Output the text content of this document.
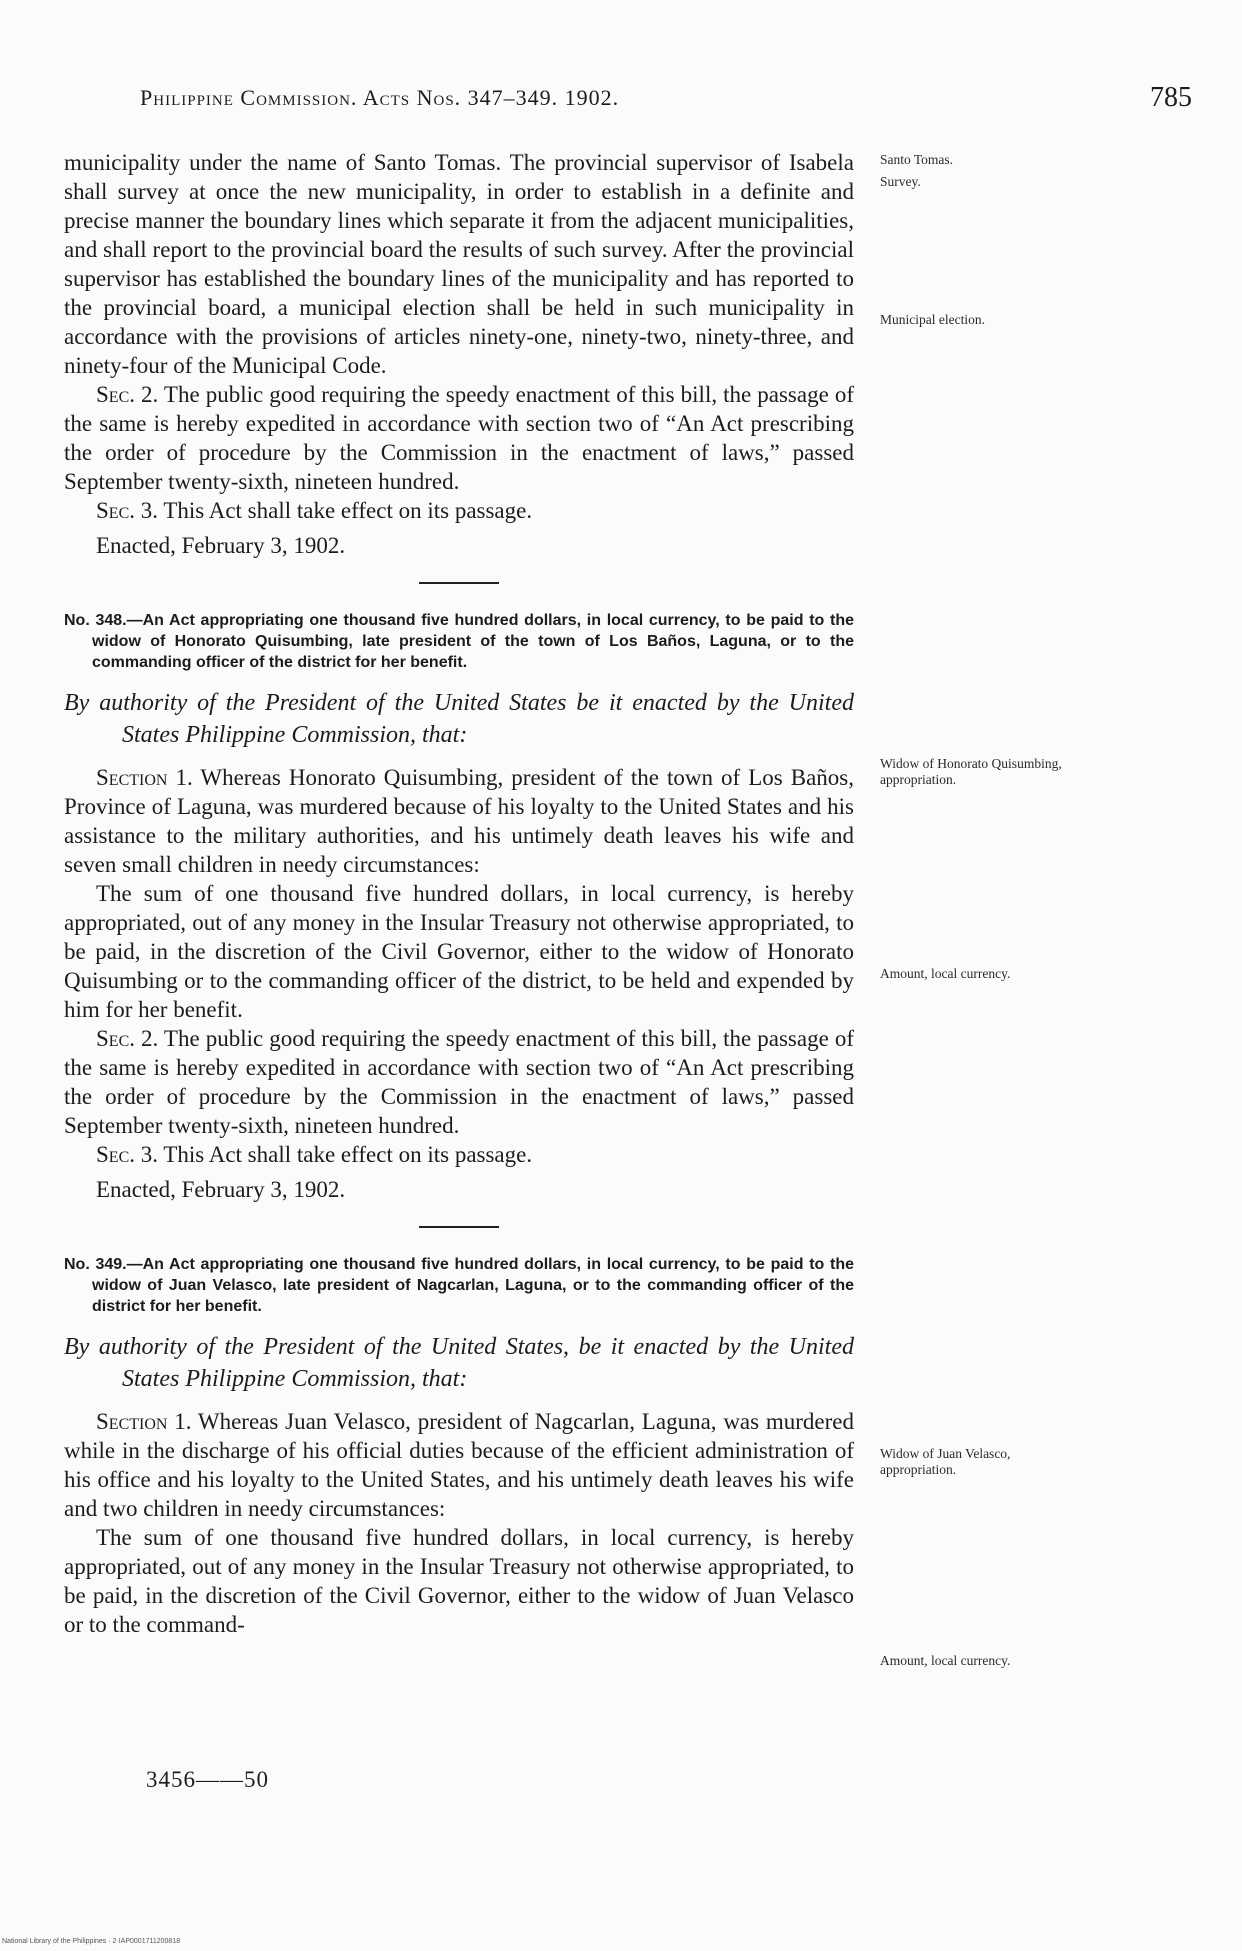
Philippine Commission. Acts Nos. 347–349. 1902.	785

municipality under the name of Santo Tomas. The provincial supervisor of Isabela shall survey at once the new municipality, in order to establish in a definite and precise manner the boundary lines which separate it from the adjacent municipalities, and shall report to the provincial board the results of such survey. After the provincial supervisor has established the boundary lines of the municipality and has reported to the provincial board, a municipal election shall be held in such municipality in accordance with the provisions of articles ninety-one, ninety-two, ninety-three, and ninety-four of the Municipal Code.

Sec. 2. The public good requiring the speedy enactment of this bill, the passage of the same is hereby expedited in accordance with section two of “An Act prescribing the order of procedure by the Commission in the enactment of laws,” passed September twenty-sixth, nineteen hundred.

Sec. 3. This Act shall take effect on its passage.

Enacted, February 3, 1902.

No. 348.—An Act appropriating one thousand five hundred dollars, in local currency, to be paid to the widow of Honorato Quisumbing, late president of the town of Los Baños, Laguna, or to the commanding officer of the district for her benefit.

By authority of the President of the United States be it enacted by the United States Philippine Commission, that:

Section 1. Whereas Honorato Quisumbing, president of the town of Los Baños, Province of Laguna, was murdered because of his loyalty to the United States and his assistance to the military authorities, and his untimely death leaves his wife and seven small children in needy circumstances:

The sum of one thousand five hundred dollars, in local currency, is hereby appropriated, out of any money in the Insular Treasury not otherwise appropriated, to be paid, in the discretion of the Civil Governor, either to the widow of Honorato Quisumbing or to the commanding officer of the district, to be held and expended by him for her benefit.

Sec. 2. The public good requiring the speedy enactment of this bill, the passage of the same is hereby expedited in accordance with section two of “An Act prescribing the order of procedure by the Commission in the enactment of laws,” passed September twenty-sixth, nineteen hundred.

Sec. 3. This Act shall take effect on its passage.

Enacted, February 3, 1902.

No. 349.—An Act appropriating one thousand five hundred dollars, in local currency, to be paid to the widow of Juan Velasco, late president of Nagcarlan, Laguna, or to the commanding officer of the district for her benefit.

By authority of the President of the United States, be it enacted by the United States Philippine Commission, that:

Section 1. Whereas Juan Velasco, president of Nagcarlan, Laguna, was murdered while in the discharge of his official duties because of the efficient administration of his office and his loyalty to the United States, and his untimely death leaves his wife and two children in needy circumstances:

The sum of one thousand five hundred dollars, in local currency, is hereby appropriated, out of any money in the Insular Treasury not otherwise appropriated, to be paid, in the discretion of the Civil Governor, either to the widow of Juan Velasco or to the command-

Santo Tomas.
Survey.
Municipal election.
Widow of Honorato Quisumbing, appropriation.
Amount, local currency.
Widow of Juan Velasco, appropriation.
Amount, local currency.
3456——50
National Library of the Philippines · 2·IAP0001711200818
